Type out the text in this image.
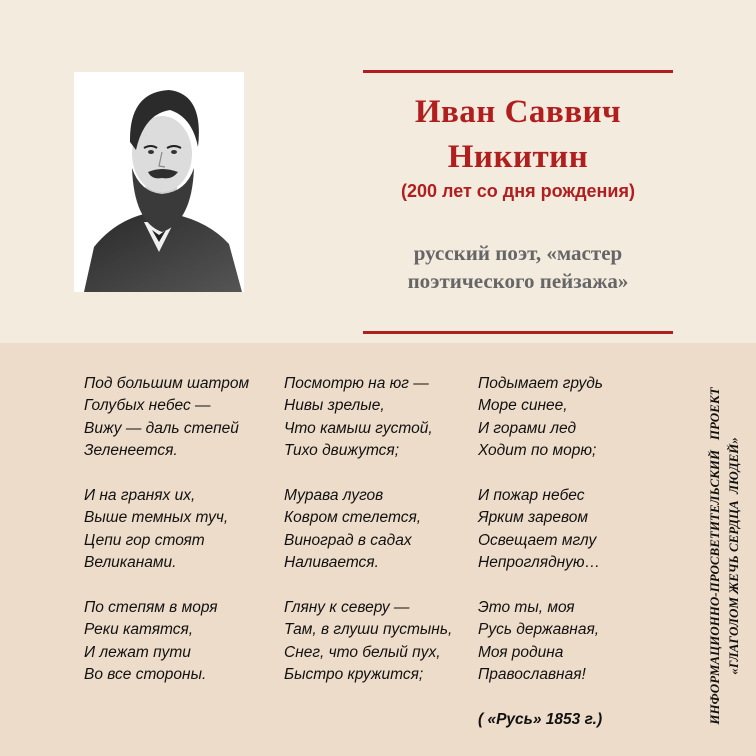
Иван Саввич
Никитин
(200 лет со дня рождения)
русский поэт, «мастер
поэтического пейзажа»
Под большим шатром
Голубых небес —
Вижу — даль степей
Зеленеется.
И на гранях их,
Выше темных туч,
Цепи гор стоят
Великанами.
По степям в моря
Реки катятся,
И лежат пути
Во все стороны.
Посмотрю на юг —
Нивы зрелые,
Что камыш густой,
Тихо движутся;
Мурава лугов
Ковром стелется,
Виноград в садах
Наливается.
Гляну к северу —
Там, в глуши пустынь,
Снег, что белый пух,
Быстро кружится;
Подымает грудь
Море синее,
И горами лед
Ходит по морю;
И пожар небес
Ярким заревом
Освещает мглу
Непроглядную…
Это ты, моя
Русь державная,
Моя родина
Православная!
( «Русь» 1853 г.)	ИНФОРМАЦИОННО-ПРОСВЕТИТЕЛЬСКИЙ   ПРОЕКТ «ГЛАГОЛОМ ЖЕЧЬ СЕРДЦА  ЛЮДЕЙ»
